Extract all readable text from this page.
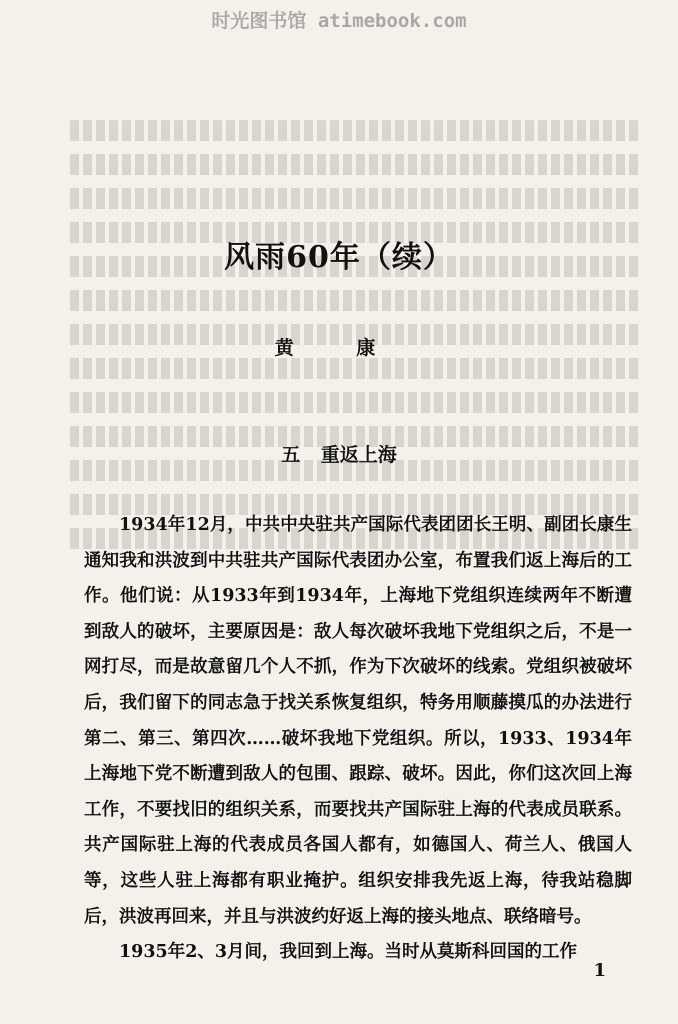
时光图书馆 atimebook.com
风雨60年（续）
黄 康
五 重返上海

1934年12月，中共中央驻共产国际代表团团长王明、副团长康生通知我和洪波到中共驻共产国际代表团办公室，布置我们返上海后的工作。他们说：从1933年到1934年，上海地下党组织连续两年不断遭到敌人的破坏，主要原因是：敌人每次破坏我地下党组织之后，不是一网打尽，而是故意留几个人不抓，作为下次破坏的线索。党组织被破坏后，我们留下的同志急于找关系恢复组织，特务用顺藤摸瓜的办法进行第二、第三、第四次……破坏我地下党组织。所以，1933、1934年上海地下党不断遭到敌人的包围、跟踪、破坏。因此，你们这次回上海工作，不要找旧的组织关系，而要找共产国际驻上海的代表成员联系。共产国际驻上海的代表成员各国人都有，如德国人、荷兰人、俄国人等，这些人驻上海都有职业掩护。组织安排我先返上海，待我站稳脚后，洪波再回来，并且与洪波约好返上海的接头地点、联络暗号。

1935年2、3月间，我回到上海。当时从莫斯科回国的工作

1
